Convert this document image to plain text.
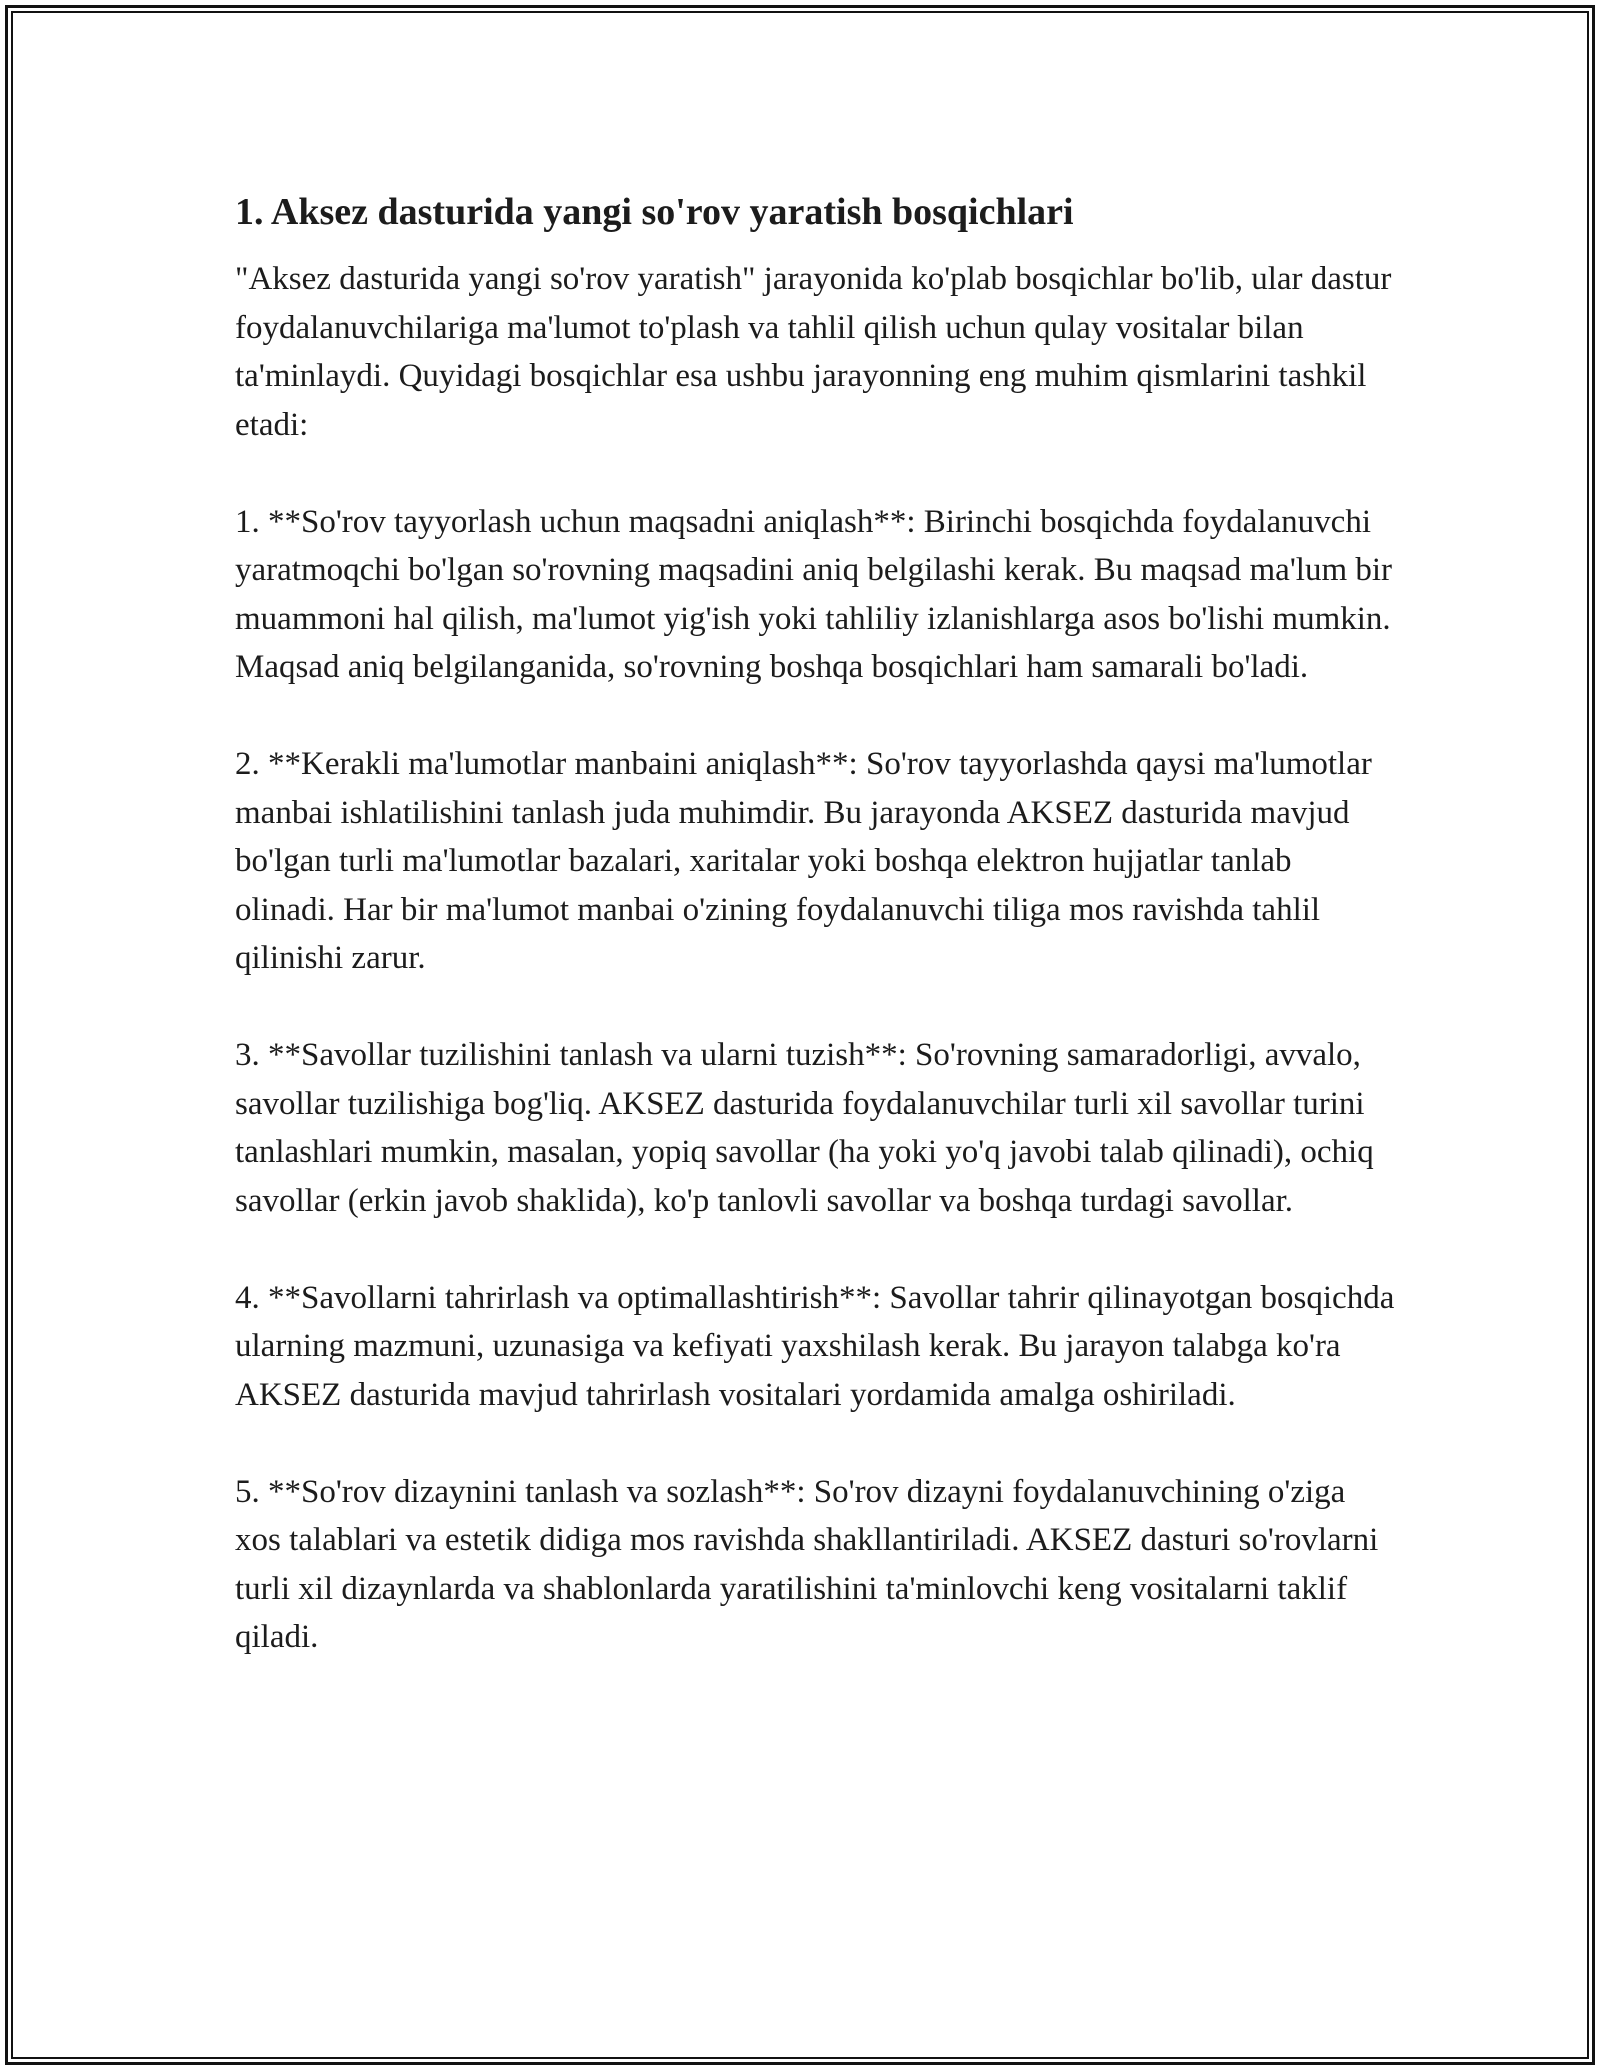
1. Aksez dasturida yangi so'rov yaratish bosqichlari

"Aksez dasturida yangi so'rov yaratish" jarayonida ko'plab bosqichlar bo'lib, ular dastur foydalanuvchilariga ma'lumot to'plash va tahlil qilish uchun qulay vositalar bilan ta'minlaydi. Quyidagi bosqichlar esa ushbu jarayonning eng muhim qismlarini tashkil etadi:

1. **So'rov tayyorlash uchun maqsadni aniqlash**: Birinchi bosqichda foydalanuvchi yaratmoqchi bo'lgan so'rovning maqsadini aniq belgilashi kerak. Bu maqsad ma'lum bir muammoni hal qilish, ma'lumot yig'ish yoki tahliliy izlanishlarga asos bo'lishi mumkin. Maqsad aniq belgilanganida, so'rovning boshqa bosqichlari ham samarali bo'ladi.

2. **Kerakli ma'lumotlar manbaini aniqlash**: So'rov tayyorlashda qaysi ma'lumotlar manbai ishlatilishini tanlash juda muhimdir. Bu jarayonda AKSEZ dasturida mavjud bo'lgan turli ma'lumotlar bazalari, xaritalar yoki boshqa elektron hujjatlar tanlab olinadi. Har bir ma'lumot manbai o'zining foydalanuvchi tiliga mos ravishda tahlil qilinishi zarur.

3. **Savollar tuzilishini tanlash va ularni tuzish**: So'rovning samaradorligi, avvalo, savollar tuzilishiga bog'liq. AKSEZ dasturida foydalanuvchilar turli xil savollar turini tanlashlari mumkin, masalan, yopiq savollar (ha yoki yo'q javobi talab qilinadi), ochiq savollar (erkin javob shaklida), ko'p tanlovli savollar va boshqa turdagi savollar.

4. **Savollarni tahrirlash va optimallashtirish**: Savollar tahrir qilinayotgan bosqichda ularning mazmuni, uzunasiga va kefiyati yaxshilash kerak. Bu jarayon talabga ko'ra AKSEZ dasturida mavjud tahrirlash vositalari yordamida amalga oshiriladi.

5. **So'rov dizaynini tanlash va sozlash**: So'rov dizayni foydalanuvchining o'ziga xos talablari va estetik didiga mos ravishda shakllantiriladi. AKSEZ dasturi so'rovlarni turli xil dizaynlarda va shablonlarda yaratilishini ta'minlovchi keng vositalarni taklif qiladi.
